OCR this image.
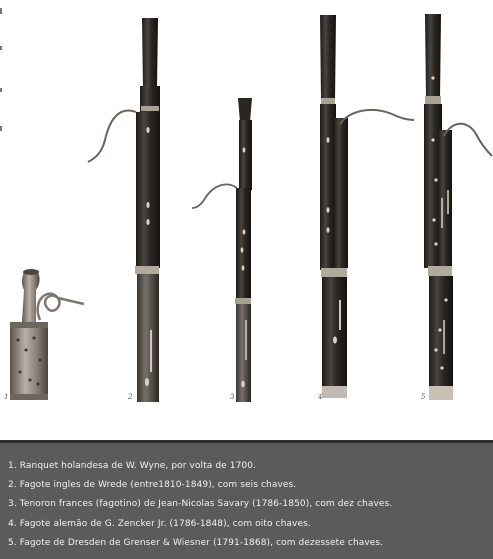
1	2	3	4	5
1. Ranquet holandesa de W. Wyne, por volta de 1700.
2. Fagote ingles de Wrede (entre1810-1849), com seis chaves.
3. Tenoron frances (fagotino) de Jean-Nicolas Savary (1786-1850), com dez chaves.
4. Fagote alemão de G. Zencker Jr. (1786-1848), com oito chaves.
5. Fagote de Dresden de Grenser & Wiesner (1791-1868), com dezessete chaves.
